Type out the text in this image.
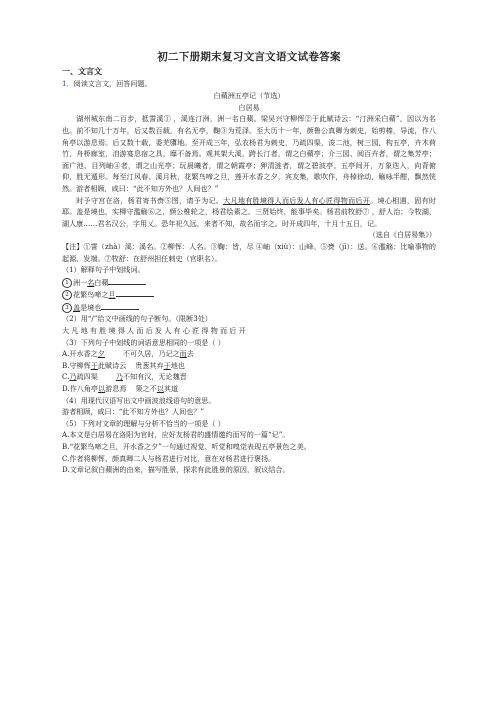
初二下册期末复习文言文语文试卷答案

一、文言文

1．阅读文言文，回答问题。

白蘋洲五亭记（节选）

白居易

湖州城东南二百步，抵霅溪① ，溪连汀洲，洲一名白蘋。梁吴兴守柳恽②于此赋诗云：“汀洲采白蘋”，因以为名也。前不知几十万年，后又数百载，有名无亭，鞠③为荒泽。至大历十一年，颜鲁公真卿为刺史，始剪榛，导流，作八角亭以游息焉。后又数十载，委芜隳地。至开成三年，弘农杨君为刺史，乃疏四渠，浚二池，树三园，构五亭，卉木荷竹，舟桥廊室，洎游宴息宿之具，靡不备焉。观其架大溪，跨长汀者，谓之白蘋亭；介三园、阅百卉者，谓之集芳亭；面广池、目列岫④者，谓之山光亭；玩晨曦者，谓之朝霞亭；狎清涟者，谓之碧波亭。五亭间开，万象迭入，向背俯仰，胜无遁形。每至汀风春、溪月秋，花繁鸟啼之旦，莲开水香之夕，宾友集，歌吹作，舟棹徐动，觞咏半酣，飘然恍然。游者相顾，咸曰：“此不知方外也？人间也？”

时予守宫在洛，杨君寄书赍⑤图，请予为记。大凡地有胜境得人而后发人有心匠得物而后开。境心相遇，固有时耶。盖是境也，实柳守濫觞⑥之，颜公椎轮之，杨君绘素之。三贤始终，能事毕矣。杨君前牧舒⑦ ，舒人治；今牧湖，湖人康……君名汉公，字用乂。恐年祀久远，来者不知，故名而字之。时开成四年，十月十五日，记。

（选自《白居易集》）

【注】①霅（zhà）溪：溪名。②柳恽：人名。③鞠：皆，尽 ④岫（xiù）：山峰。⑤赍（jī）：送。⑥濫觞：比喻事物的起源、发端。⑦牧舒：在舒州担任刺史（官职名）。

（1）解释句子中划线词。

1 洲一名白蘋

2 花繁鸟啼之旦

3 盖是境也

（2）用“/”给文中画线的句子断句。（限断3处）

大凡地有胜境得人而后发人有心匠得物而后开

（3）下列句子中划线的词语意思相同的一项是（ ）

A.开水香之夕        不可久居，乃记之而去

B.守柳恽于此赋诗云    贵葱其弃于地也

C.乃疏四渠        乃不知有汉，无论魏晋

D.作八角亭以游息焉    策之不以其道

（4）用现代汉语写出文中画波浪线语句的意思。

游者相顾，咸曰：“此不知方外也？人间也？”

（5）下列对文章的理解与分析不恰当的一项是（ ）

A.本文是白居易在洛阳为官时，应好友杨君的盛情邀约而写的一篇“记”。

B.“花繁鸟啼之旦，开水香之夕”一句通过视觉、听觉和嗅觉表现五亭景色之美。

C.作者将柳恽、颜真卿二人与杨君进行对比，意在对杨君进行褒扬。

D.文章记叙白蘋洲的由来，描写胜景，探求有此胜景的原因，叙议结合。
